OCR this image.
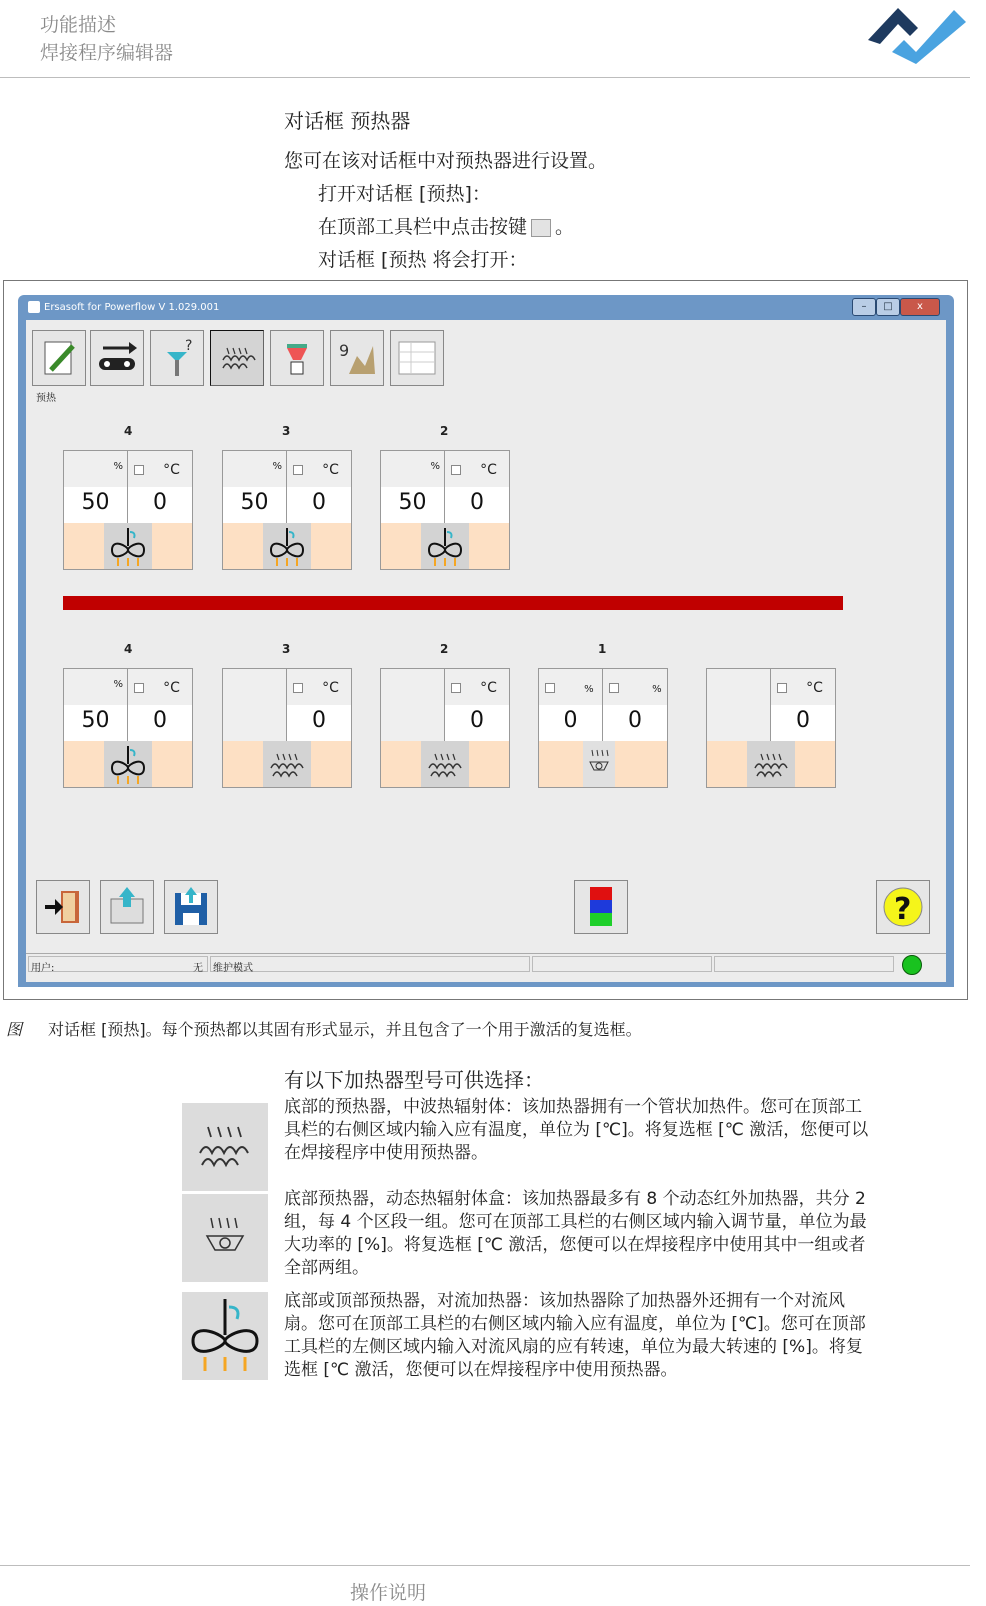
功能描述
焊接程序编辑器
对话框 预热器
您可在该对话框中对预热器进行设置。
打开对话框 [预热]：
在顶部工具栏中点击按键 。
对话框 [预热 将会打开：
Ersasoft for Powerflow V 1.029.001	–	□	x
?	9
预热
4	3	2
%	°C
50	0
%	°C
50	0
%	°C
50	0
4	3	2	1
%	°C
50	0
°C
0
°C
0
%	%
0	0
°C
0
?
用户:	无 维护模式
图 对话框 [预热]。每个预热都以其固有形式显示，并且包含了一个用于激活的复选框。
有以下加热器型号可供选择：
底部的预热器，中波热辐射体：该加热器拥有一个管状加热件。您可在顶部工
具栏的右侧区域内输入应有温度，单位为 [℃]。将复选框 [℃ 激活，您便可以
在焊接程序中使用预热器。
底部预热器，动态热辐射体盒：该加热器最多有 8 个动态红外加热器，共分 2
组，每 4 个区段一组。您可在顶部工具栏的右侧区域内输入调节量，单位为最
大功率的 [%]。将复选框 [℃ 激活，您便可以在焊接程序中使用其中一组或者
全部两组。
底部或顶部预热器，对流加热器：该加热器除了加热器外还拥有一个对流风
扇。您可在顶部工具栏的右侧区域内输入应有温度，单位为 [℃]。您可在顶部
工具栏的左侧区域内输入对流风扇的应有转速，单位为最大转速的 [%]。将复
选框 [℃ 激活，您便可以在焊接程序中使用预热器。
操作说明
